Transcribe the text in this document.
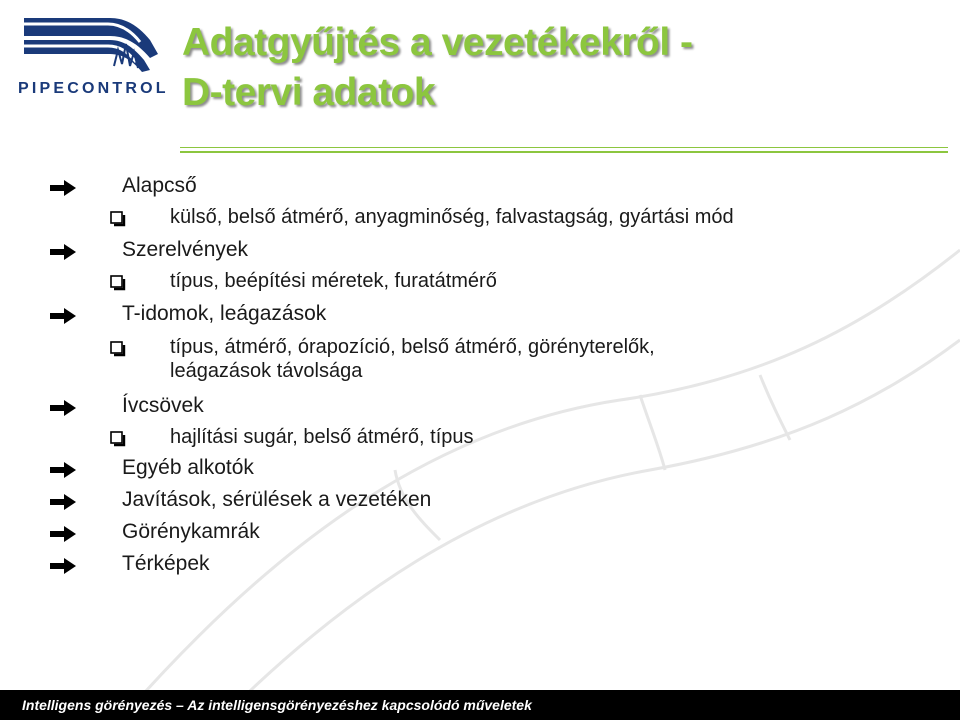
PIPECONTROL
Adatgyűjtés a vezetékekről -
D-tervi adatok
Alapcső
külső, belső átmérő, anyagminőség, falvastagság, gyártási mód
Szerelvények
típus, beépítési méretek, furatátmérő
T-idomok, leágazások
típus, átmérő, órapozíció, belső átmérő, görényterelők,
leágazások távolsága
Ívcsövek
hajlítási sugár, belső átmérő, típus
Egyéb alkotók
Javítások, sérülések a vezetéken
Görénykamrák
Térképek
Intelligens görényezés – Az intelligensgörényezéshez kapcsolódó műveletek
